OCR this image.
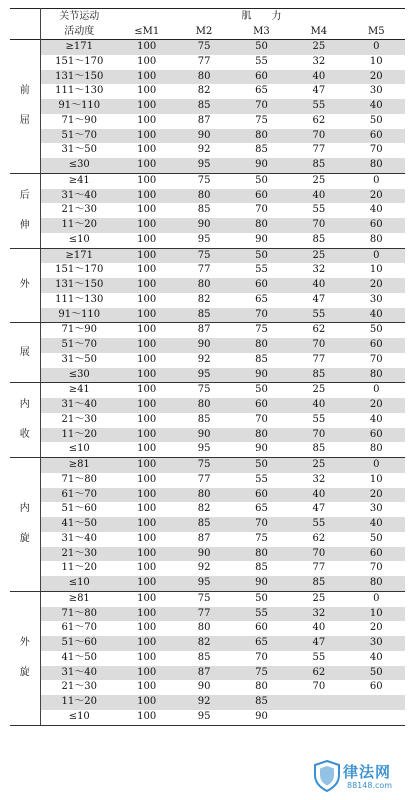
	关节运动	肌　　力				
	活动度	≤M1	M2	M3	M4	M5

前
屈	≥171	100	75	50	25	0
	151～170	100	77	55	32	10
	131～150	100	80	60	40	20
	111～130	100	82	65	47	30
	91～110	100	85	70	55	40
	71～90	100	87	75	62	50
	51～70	100	90	80	70	60
	31～50	100	92	85	77	70
	≤30	100	95	90	85	80

后
伸	≥41	100	75	50	25	0
	31～40	100	80	60	40	20
	21～30	100	85	70	55	40
	11～20	100	90	80	70	60
	≤10	100	95	90	85	80

外	≥171	100	75	50	25	0
	151～170	100	77	55	32	10
	131～150	100	80	60	40	20
	111～130	100	82	65	47	30
	91～110	100	85	70	55	40

展	71～90	100	87	75	62	50
	51～70	100	90	80	70	60
	31～50	100	92	85	77	70
	≤30	100	95	90	85	80

内
收	≥41	100	75	50	25	0
	31～40	100	80	60	40	20
	21～30	100	85	70	55	40
	11～20	100	90	80	70	60
	≤10	100	95	90	85	80

内
旋	≥81	100	75	50	25	0
	71～80	100	77	55	32	10
	61～70	100	80	60	40	20
	51～60	100	82	65	47	30
	41～50	100	85	70	55	40
	31～40	100	87	75	62	50
	21～30	100	90	80	70	60
	11～20	100	92	85	77	70
	≤10	100	95	90	85	80

外
旋	≥81	100	75	50	25	0
	71～80	100	77	55	32	10
	61～70	100	80	60	40	20
	51～60	100	82	65	47	30
	41～50	100	85	70	55	40
	31～40	100	87	75	62	50
	21～30	100	90	80	70	60
	11～20	100	92	85		
	≤10	100	95	90		
律法网
88148.com
